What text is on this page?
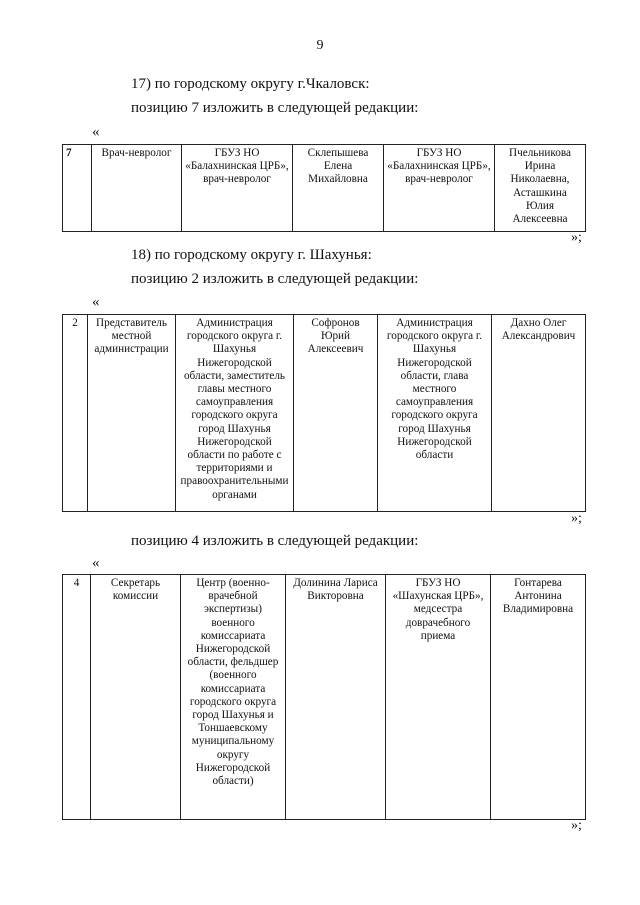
9
17) по городскому округу г.Чкаловск:
позицию 7 изложить в следующей редакции:
«
7	Врач-невролог	ГБУЗ НО «Балахнинская ЦРБ», врач-невролог	Склепышева Елена Михайловна	ГБУЗ НО «Балахнинская ЦРБ», врач-невролог	Пчельникова Ирина Николаевна, Асташкина Юлия Алексеевна
»;
18) по городскому округу г. Шахунья:
позицию 2 изложить в следующей редакции:
«
2	Представитель местной администрации	Администрация городского округа г. Шахунья Нижегородской области, заместитель главы местного самоуправления городского округа город Шахунья Нижегородской области по работе с территориями и правоохранительными органами	Софронов Юрий Алексеевич	Администрация городского округа г. Шахунья Нижегородской области, глава местного самоуправления городского округа город Шахунья Нижегородской области	Дахно Олег Александрович
»;
позицию 4 изложить в следующей редакции:
«
4	Секретарь комиссии	Центр (военно-врачебной экспертизы) военного комиссариата Нижегородской области, фельдшер (военного комиссариата городского округа город Шахунья и Тоншаевскому муниципальному округу Нижегородской области)	Долинина Лариса Викторовна	ГБУЗ НО «Шахунская ЦРБ», медсестра доврачебного приема	Гонтарева Антонина Владимировна
»;
